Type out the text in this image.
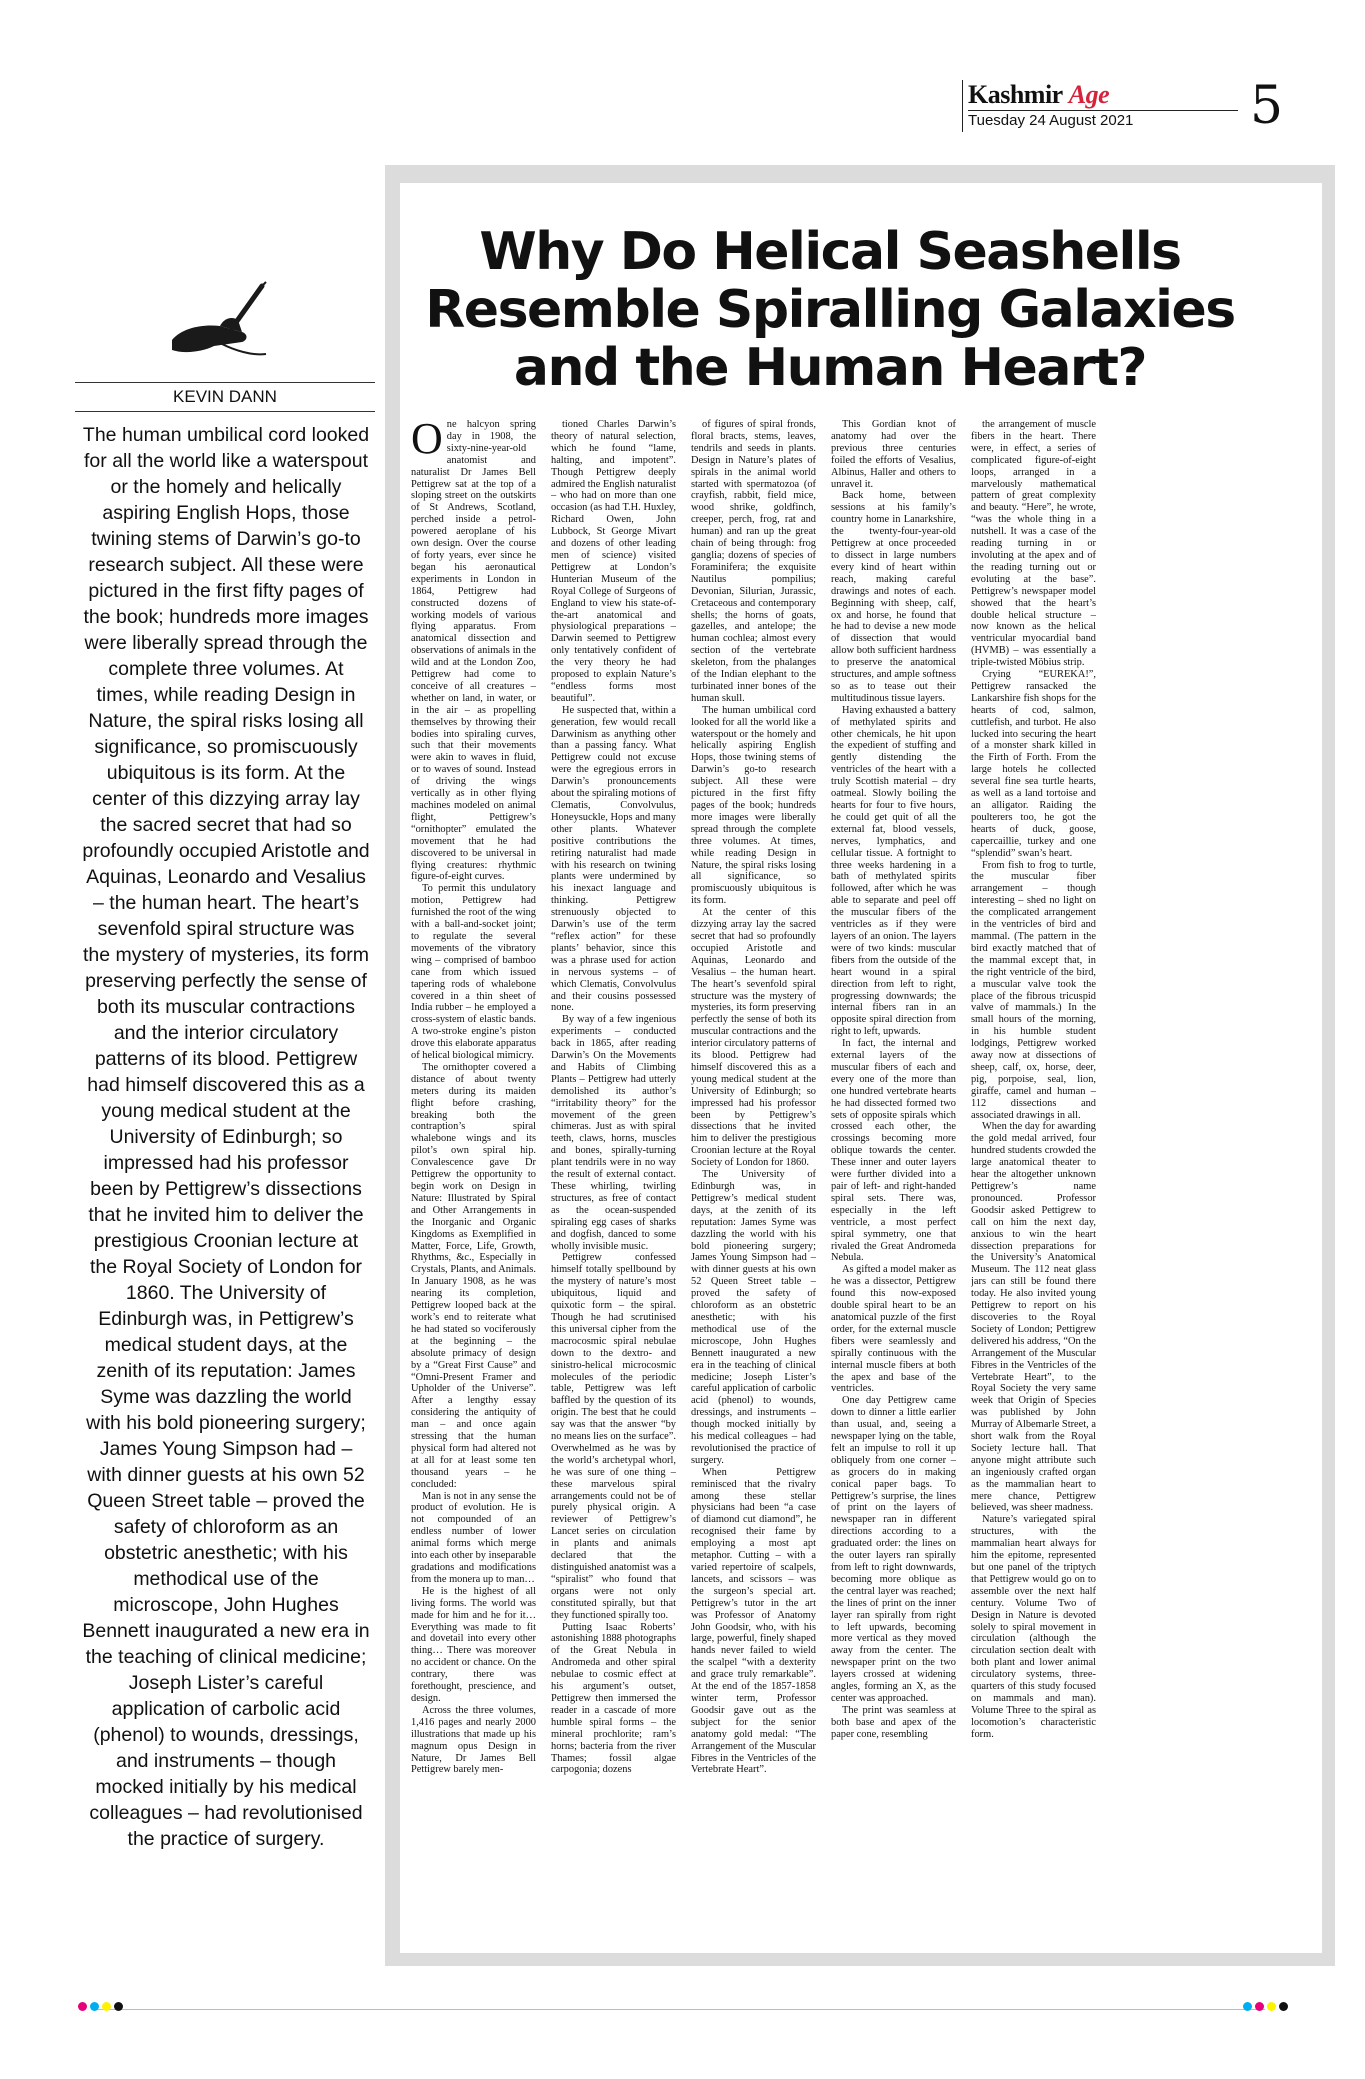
Kashmir Age
Tuesday 24 August 2021 5
Why Do Helical Seashells Resemble Spiralling Galaxies and the Human Heart?
KEVIN DANN

The human umbilical cord looked for all the world like a waterspout or the homely and helically aspiring English Hops, those twining stems of Darwin’s go-to research subject. All these were pictured in the first fifty pages of the book; hundreds more images were liberally spread through the complete three volumes. At times, while reading Design in Nature, the spiral risks losing all significance, so promiscuously ubiquitous is its form. At the center of this dizzying array lay the sacred secret that had so profoundly occupied Aristotle and Aquinas, Leonardo and Vesalius – the human heart. The heart’s sevenfold spiral structure was the mystery of mysteries, its form preserving perfectly the sense of both its muscular contractions and the interior circulatory patterns of its blood. Pettigrew had himself discovered this as a young medical student at the University of Edinburgh; so impressed had his professor been by Pettigrew’s dissections that he invited him to deliver the prestigious Croonian lecture at the Royal Society of London for 1860. The University of Edinburgh was, in Pettigrew’s medical student days, at the zenith of its reputation: James Syme was dazzling the world with his bold pioneering surgery; James Young Simpson had – with dinner guests at his own 52 Queen Street table – proved the safety of chloroform as an obstetric anesthetic; with his methodical use of the microscope, John Hughes Bennett inaugurated a new era in the teaching of clinical medicine; Joseph Lister’s careful application of carbolic acid (phenol) to wounds, dressings, and instruments – though mocked initially by his medical colleagues – had revolutionised the practice of surgery.

O ne halcyon spring day in 1908, the sixty-nine-year-old anatomist and naturalist Dr James Bell Pettigrew sat at the top of a sloping street on the outskirts of St Andrews, Scotland, perched inside a petrol-powered aeroplane of his own design. Over the course of forty years, ever since he began his aeronautical experiments in London in 1864, Pettigrew had constructed dozens of working models of various flying apparatus. From anatomical dissection and observations of animals in the wild and at the London Zoo, Pettigrew had come to conceive of all creatures – whether on land, in water, or in the air – as propelling themselves by throwing their bodies into spiraling curves, such that their movements were akin to waves in fluid, or to waves of sound. Instead of driving the wings vertically as in other flying machines modeled on animal flight, Pettigrew’s “ornithopter” emulated the movement that he had discovered to be universal in flying creatures: rhythmic figure-of-eight curves.

To permit this undulatory motion, Pettigrew had furnished the root of the wing with a ball-and-socket joint; to regulate the several movements of the vibratory wing – comprised of bamboo cane from which issued tapering rods of whalebone covered in a thin sheet of India rubber – he employed a cross-system of elastic bands. A two-stroke engine’s piston drove this elaborate apparatus of helical biological mimicry.

The ornithopter covered a distance of about twenty meters during its maiden flight before crashing, breaking both the contraption’s spiral whalebone wings and its pilot’s own spiral hip. Convalescence gave Dr Pettigrew the opportunity to begin work on Design in Nature: Illustrated by Spiral and Other Arrangements in the Inorganic and Organic Kingdoms as Exemplified in Matter, Force, Life, Growth, Rhythms, &c., Especially in Crystals, Plants, and Animals. In January 1908, as he was nearing its completion, Pettigrew looped back at the work’s end to reiterate what he had stated so vociferously at the beginning – the absolute primacy of design by a “Great First Cause” and “Omni-Present Framer and Upholder of the Universe”. After a lengthy essay considering the antiquity of man – and once again stressing that the human physical form had altered not at all for at least some ten thousand years – he concluded:

Man is not in any sense the product of evolution. He is not compounded of an endless number of lower animal forms which merge into each other by inseparable gradations and modifications from the monera up to man…

He is the highest of all living forms. The world was made for him and he for it… Everything was made to fit and dovetail into every other thing… There was moreover no accident or chance. On the contrary, there was forethought, prescience, and design.

Across the three volumes, 1,416 pages and nearly 2000 illustrations that made up his magnum opus Design in Nature, Dr James Bell Pettigrew barely men-

tioned Charles Darwin’s theory of natural selection, which he found “lame, halting, and impotent”. Though Pettigrew deeply admired the English naturalist – who had on more than one occasion (as had T.H. Huxley, Richard Owen, John Lubbock, St George Mivart and dozens of other leading men of science) visited Pettigrew at London’s Hunterian Museum of the Royal College of Surgeons of England to view his state-of-the-art anatomical and physiological preparations – Darwin seemed to Pettigrew only tentatively confident of the very theory he had proposed to explain Nature’s “endless forms most beautiful”.

He suspected that, within a generation, few would recall Darwinism as anything other than a passing fancy. What Pettigrew could not excuse were the egregious errors in Darwin’s pronouncements about the spiraling motions of Clematis, Convolvulus, Honeysuckle, Hops and many other plants. Whatever positive contributions the retiring naturalist had made with his research on twining plants were undermined by his inexact language and thinking. Pettigrew strenuously objected to Darwin’s use of the term “reflex action” for these plants’ behavior, since this was a phrase used for action in nervous systems – of which Clematis, Convolvulus and their cousins possessed none.

By way of a few ingenious experiments – conducted back in 1865, after reading Darwin’s On the Movements and Habits of Climbing Plants – Pettigrew had utterly demolished its author’s “irritability theory” for the movement of the green chimeras. Just as with spiral teeth, claws, horns, muscles and bones, spirally-turning plant tendrils were in no way the result of external contact. These whirling, twirling structures, as free of contact as the ocean-suspended spiraling egg cases of sharks and dogfish, danced to some wholly invisible music.

Pettigrew confessed himself totally spellbound by the mystery of nature’s most ubiquitous, liquid and quixotic form – the spiral. Though he had scrutinised this universal cipher from the macrocosmic spiral nebulae down to the dextro- and sinistro-helical microcosmic molecules of the periodic table, Pettigrew was left baffled by the question of its origin. The best that he could say was that the answer “by no means lies on the surface”. Overwhelmed as he was by the world’s archetypal whorl, he was sure of one thing – these marvelous spiral arrangements could not be of purely physical origin. A reviewer of Pettigrew’s Lancet series on circulation in plants and animals declared that the distinguished anatomist was a “spiralist” who found that organs were not only constituted spirally, but that they functioned spirally too.

Putting Isaac Roberts’ astonishing 1888 photographs of the Great Nebula in Andromeda and other spiral nebulae to cosmic effect at his argument’s outset, Pettigrew then immersed the reader in a cascade of more humble spiral forms – the mineral prochlorite; ram’s horns; bacteria from the river Thames; fossil algae carpogonia; dozens

of figures of spiral fronds, floral bracts, stems, leaves, tendrils and seeds in plants. Design in Nature’s plates of spirals in the animal world started with spermatozoa (of crayfish, rabbit, field mice, wood shrike, goldfinch, creeper, perch, frog, rat and human) and ran up the great chain of being through: frog ganglia; dozens of species of Foraminifera; the exquisite Nautilus pompilius; Devonian, Silurian, Jurassic, Cretaceous and contemporary shells; the horns of goats, gazelles, and antelope; the human cochlea; almost every section of the vertebrate skeleton, from the phalanges of the Indian elephant to the turbinated inner bones of the human skull.

The human umbilical cord looked for all the world like a waterspout or the homely and helically aspiring English Hops, those twining stems of Darwin’s go-to research subject. All these were pictured in the first fifty pages of the book; hundreds more images were liberally spread through the complete three volumes. At times, while reading Design in Nature, the spiral risks losing all significance, so promiscuously ubiquitous is its form.

At the center of this dizzying array lay the sacred secret that had so profoundly occupied Aristotle and Aquinas, Leonardo and Vesalius – the human heart. The heart’s sevenfold spiral structure was the mystery of mysteries, its form preserving perfectly the sense of both its muscular contractions and the interior circulatory patterns of its blood. Pettigrew had himself discovered this as a young medical student at the University of Edinburgh; so impressed had his professor been by Pettigrew’s dissections that he invited him to deliver the prestigious Croonian lecture at the Royal Society of London for 1860.

The University of Edinburgh was, in Pettigrew’s medical student days, at the zenith of its reputation: James Syme was dazzling the world with his bold pioneering surgery; James Young Simpson had – with dinner guests at his own 52 Queen Street table – proved the safety of chloroform as an obstetric anesthetic; with his methodical use of the microscope, John Hughes Bennett inaugurated a new era in the teaching of clinical medicine; Joseph Lister’s careful application of carbolic acid (phenol) to wounds, dressings, and instruments – though mocked initially by his medical colleagues – had revolutionised the practice of surgery.

When Pettigrew reminisced that the rivalry among these stellar physicians had been “a case of diamond cut diamond”, he recognised their fame by employing a most apt metaphor. Cutting – with a varied repertoire of scalpels, lancets, and scissors – was the surgeon’s special art. Pettigrew’s tutor in the art was Professor of Anatomy John Goodsir, who, with his large, powerful, finely shaped hands never failed to wield the scalpel “with a dexterity and grace truly remarkable”. At the end of the 1857-1858 winter term, Professor Goodsir gave out as the subject for the senior anatomy gold medal: “The Arrangement of the Muscular Fibres in the Ventricles of the Vertebrate Heart”.

This Gordian knot of anatomy had over the previous three centuries foiled the efforts of Vesalius, Albinus, Haller and others to unravel it.

Back home, between sessions at his family’s country home in Lanarkshire, the twenty-four-year-old Pettigrew at once proceeded to dissect in large numbers every kind of heart within reach, making careful drawings and notes of each. Beginning with sheep, calf, ox and horse, he found that he had to devise a new mode of dissection that would allow both sufficient hardness to preserve the anatomical structures, and ample softness so as to tease out their multitudinous tissue layers.

Having exhausted a battery of methylated spirits and other chemicals, he hit upon the expedient of stuffing and gently distending the ventricles of the heart with a truly Scottish material – dry oatmeal. Slowly boiling the hearts for four to five hours, he could get quit of all the external fat, blood vessels, nerves, lymphatics, and cellular tissue. A fortnight to three weeks hardening in a bath of methylated spirits followed, after which he was able to separate and peel off the muscular fibers of the ventricles as if they were layers of an onion. The layers were of two kinds: muscular fibers from the outside of the heart wound in a spiral direction from left to right, progressing downwards; the internal fibers ran in an opposite spiral direction from right to left, upwards.

In fact, the internal and external layers of the muscular fibers of each and every one of the more than one hundred vertebrate hearts he had dissected formed two sets of opposite spirals which crossed each other, the crossings becoming more oblique towards the center. These inner and outer layers were further divided into a pair of left- and right-handed spiral sets. There was, especially in the left ventricle, a most perfect spiral symmetry, one that rivaled the Great Andromeda Nebula.

As gifted a model maker as he was a dissector, Pettigrew found this now-exposed double spiral heart to be an anatomical puzzle of the first order, for the external muscle fibers were seamlessly and spirally continuous with the internal muscle fibers at both the apex and base of the ventricles.

One day Pettigrew came down to dinner a little earlier than usual, and, seeing a newspaper lying on the table, felt an impulse to roll it up obliquely from one corner – as grocers do in making conical paper bags. To Pettigrew’s surprise, the lines of print on the layers of newspaper ran in different directions according to a graduated order: the lines on the outer layers ran spirally from left to right downwards, becoming more oblique as the central layer was reached; the lines of print on the inner layer ran spirally from right to left upwards, becoming more vertical as they moved away from the center. The newspaper print on the two layers crossed at widening angles, forming an X, as the center was approached.

The print was seamless at both base and apex of the paper cone, resembling

the arrangement of muscle fibers in the heart. There were, in effect, a series of complicated figure-of-eight loops, arranged in a marvelously mathematical pattern of great complexity and beauty. “Here”, he wrote, “was the whole thing in a nutshell. It was a case of the reading turning in or involuting at the apex and of the reading turning out or evoluting at the base”. Pettigrew’s newspaper model showed that the heart’s double helical structure – now known as the helical ventricular myocardial band (HVMB) – was essentially a triple-twisted Möbius strip.

Crying “EUREKA!”, Pettigrew ransacked the Lankarshire fish shops for the hearts of cod, salmon, cuttlefish, and turbot. He also lucked into securing the heart of a monster shark killed in the Firth of Forth. From the large hotels he collected several fine sea turtle hearts, as well as a land tortoise and an alligator. Raiding the poulterers too, he got the hearts of duck, goose, capercaillie, turkey and one “splendid” swan’s heart.

From fish to frog to turtle, the muscular fiber arrangement – though interesting – shed no light on the complicated arrangement in the ventricles of bird and mammal. (The pattern in the bird exactly matched that of the mammal except that, in the right ventricle of the bird, a muscular valve took the place of the fibrous tricuspid valve of mammals.) In the small hours of the morning, in his humble student lodgings, Pettigrew worked away now at dissections of sheep, calf, ox, horse, deer, pig, porpoise, seal, lion, giraffe, camel and human – 112 dissections and associated drawings in all.

When the day for awarding the gold medal arrived, four hundred students crowded the large anatomical theater to hear the altogether unknown Pettigrew’s name pronounced. Professor Goodsir asked Pettigrew to call on him the next day, anxious to win the heart dissection preparations for the University’s Anatomical Museum. The 112 neat glass jars can still be found there today. He also invited young Pettigrew to report on his discoveries to the Royal Society of London; Pettigrew delivered his address, “On the Arrangement of the Muscular Fibres in the Ventricles of the Vertebrate Heart”, to the Royal Society the very same week that Origin of Species was published by John Murray of Albemarle Street, a short walk from the Royal Society lecture hall. That anyone might attribute such an ingeniously crafted organ as the mammalian heart to mere chance, Pettigrew believed, was sheer madness.

Nature’s variegated spiral structures, with the mammalian heart always for him the epitome, represented but one panel of the triptych that Pettigrew would go on to assemble over the next half century. Volume Two of Design in Nature is devoted solely to spiral movement in circulation (although the circulation section dealt with both plant and lower animal circulatory systems, three-quarters of this study focused on mammals and man). Volume Three to the spiral as locomotion’s characteristic form.
